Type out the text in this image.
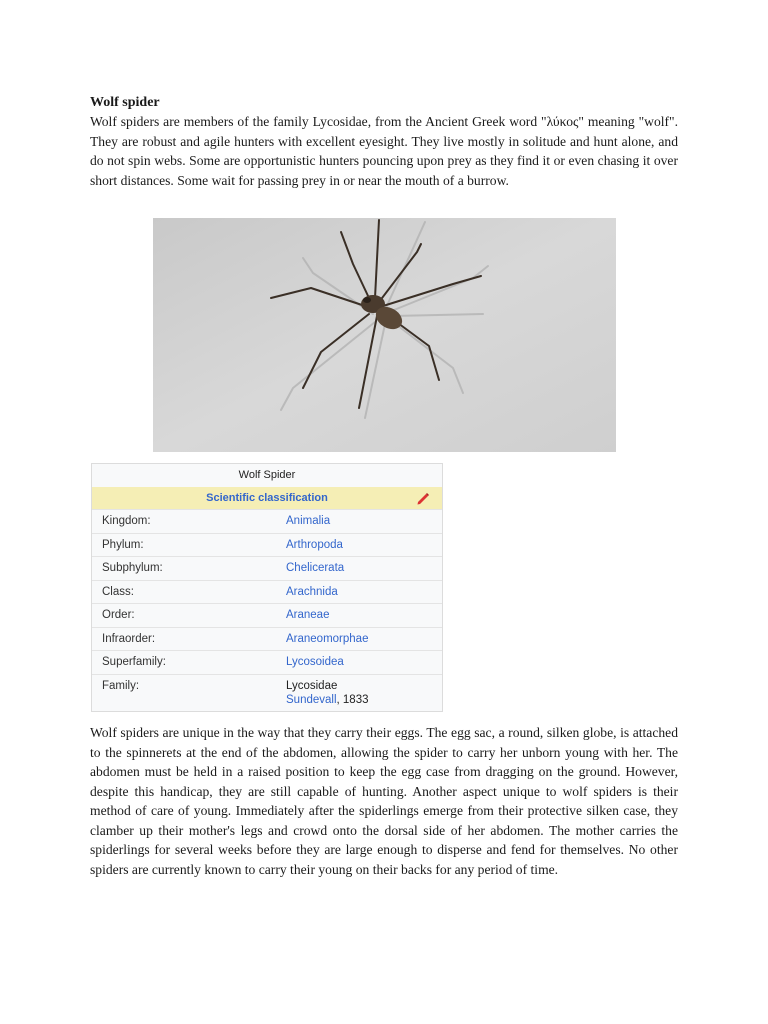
Wolf spider

Wolf spiders are members of the family Lycosidae, from the Ancient Greek word "λύκος" meaning "wolf". They are robust and agile hunters with excellent eyesight. They live mostly in solitude and hunt alone, and do not spin webs. Some are opportunistic hunters pouncing upon prey as they find it or even chasing it over short distances. Some wait for passing prey in or near the mouth of a burrow.

Wolf Spider
Scientific classification
Kingdom:	Animalia
Phylum:	Arthropoda
Subphylum:	Chelicerata
Class:	Arachnida
Order:	Araneae
Infraorder:	Araneomorphae
Superfamily:	Lycosoidea
Family:	Lycosidae
Sundevall, 1833

Wolf spiders are unique in the way that they carry their eggs. The egg sac, a round, silken globe, is attached to the spinnerets at the end of the abdomen, allowing the spider to carry her unborn young with her. The abdomen must be held in a raised position to keep the egg case from dragging on the ground. However, despite this handicap, they are still capable of hunting. Another aspect unique to wolf spiders is their method of care of young. Immediately after the spiderlings emerge from their protective silken case, they clamber up their mother's legs and crowd onto the dorsal side of her abdomen. The mother carries the spiderlings for several weeks before they are large enough to disperse and fend for themselves. No other spiders are currently known to carry their young on their backs for any period of time.
